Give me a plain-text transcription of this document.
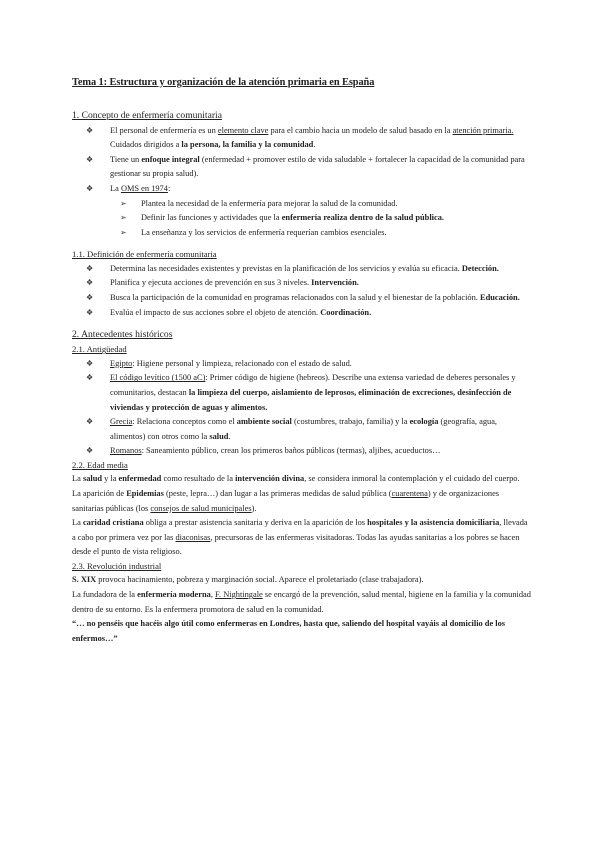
Tema 1: Estructura y organización de la atención primaria en España
1. Concepto de enfermería comunitaria
❖ El personal de enfermería es un elemento clave para el cambio hacia un modelo de salud basado en la atención primaria. Cuidados dirigidos a la persona, la familia y la comunidad.
❖ Tiene un enfoque integral (enfermedad + promover estilo de vida saludable + fortalecer la capacidad de la comunidad para gestionar su propia salud).
❖ La OMS en 1974:
➢ Plantea la necesidad de la enfermería para mejorar la salud de la comunidad.
➢ Definir las funciones y actividades que la enfermería realiza dentro de la salud pública.
➢ La enseñanza y los servicios de enfermería requerían cambios esenciales.
1.1. Definición de enfermería comunitaria
❖ Determina las necesidades existentes y previstas en la planificación de los servicios y evalúa su eficacia. Detección.
❖ Planifica y ejecuta acciones de prevención en sus 3 niveles. Intervención.
❖ Busca la participación de la comunidad en programas relacionados con la salud y el bienestar de la población. Educación.
❖ Evalúa el impacto de sus acciones sobre el objeto de atención. Coordinación.
2. Antecedentes históricos
2.1. Antigüedad
❖ Egipto: Higiene personal y limpieza, relacionado con el estado de salud.
❖ El código levítico (1500 aC): Primer código de higiene (hebreos). Describe una extensa variedad de deberes personales y comunitarios, destacan la limpieza del cuerpo, aislamiento de leprosos, eliminación de excreciones, desinfección de viviendas y protección de aguas y alimentos.
❖ Grecia: Relaciona conceptos como el ambiente social (costumbres, trabajo, familia) y la ecología (geografía, agua, alimentos) con otros como la salud.
❖ Romanos: Saneamiento público, crean los primeros baños públicos (termas), aljibes, acueductos…
2.2. Edad media

La salud y la enfermedad como resultado de la intervención divina, se considera inmoral la contemplación y el cuidado del cuerpo.

La aparición de Epidemias (peste, lepra…) dan lugar a las primeras medidas de salud pública (cuarentena) y de organizaciones sanitarias públicas (los consejos de salud municipales).

La caridad cristiana obliga a prestar asistencia sanitaria y deriva en la aparición de los hospitales y la asistencia domiciliaria, llevada a cabo por primera vez por las diaconisas, precursoras de las enfermeras visitadoras. Todas las ayudas sanitarias a los pobres se hacen desde el punto de vista religioso.

2.3. Revolución industrial

S. XIX provoca hacinamiento, pobreza y marginación social. Aparece el proletariado (clase trabajadora).

La fundadora de la enfermería moderna, F. Nightingale se encargó de la prevención, salud mental, higiene en la familia y la comunidad dentro de su entorno. Es la enfermera promotora de salud en la comunidad.

“… no penséis que hacéis algo útil como enfermeras en Londres, hasta que, saliendo del hospital vayáis al domicilio de los enfermos…”
